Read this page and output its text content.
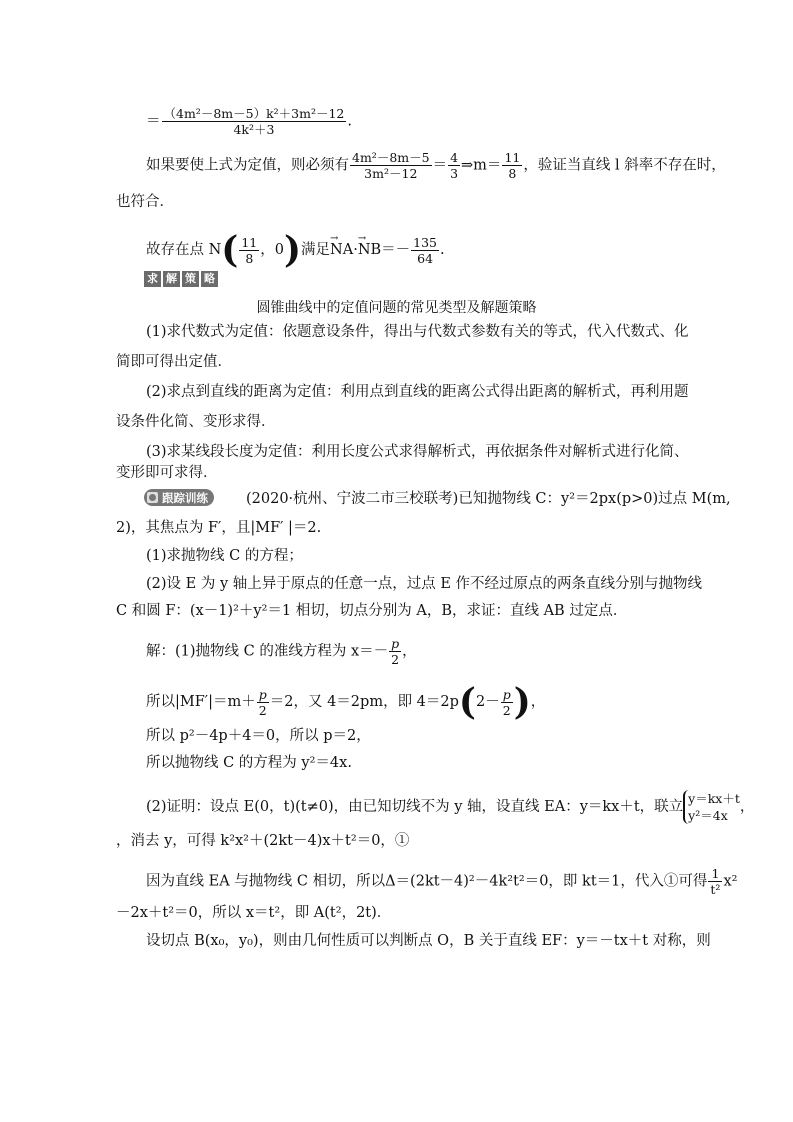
＝ $\frac{\text{（4m²－8m－5）k²＋3m²－12}}{\text{4k²＋3}}$ .
如果要使上式为定值，则必须有 $\frac{\text{4m²－8m－5}}{\text{3m²－12}} = \frac{4}{3}$ ⇒m＝ $\frac{11}{8}$ ，验证当直线 l 斜率不存在时，
也符合．
故存在点 $N( \frac{11}{8}$ ，0)满足→ $NA\cdot\to NB=- \frac{135}{64}$ .
求 解 策 略
圆锥曲线中的定值问题的常见类型及解题策略
(1)求代数式为定值：依题意设条件，得出与代数式参数有关的等式，代入代数式、化
简即可得出定值．
(2)求点到直线的距离为定值：利用点到直线的距离公式得出距离的解析式，再利用题
设条件化简、变形求得．
(3)求某线段长度为定值：利用长度公式求得解析式，再依据条件对解析式进行化简、
变形即可求得．
跟踪训练	(2020·杭州、宁波二市三校联考)已知抛物线 C：y²＝2px(p>0)过点 M(m,
2)，其焦点为 F′，且|MF′ |＝2.
(1)求抛物线 C 的方程；
(2)设 E 为 y 轴上异于原点的任意一点，过点 E 作不经过原点的两条直线分别与抛物线
C 和圆 F：(x－1)²＋y²＝1 相切，切点分别为 A，B，求证：直线 AB 过定点．
解：(1)抛物线 C 的准线方程为 $x=- \frac{p}{2}$ ，
所以$|MF'|=m+ \frac{p}{2} =2$，又 4＝2pm，即 $4=2p(2- \frac{p}{2}$ )，
所以 p²－4p＋4＝0，所以 p＝2，
所以抛物线 C 的方程为 y²＝4x.
(2)证明：设点 E(0，t)(t≠0)，由已知切线不为 y 轴，设直线 EA：y＝kx＋t，联立
y＝kx＋t
y²＝4x
，
，消去 y，可得 k²x²＋(2kt－4)x＋t²＝0，①
因为直线 EA 与抛物线 C 相切，所以Δ＝(2kt－4)²－4k²t²＝0，即 kt＝1，代入①可得 $\frac{1}{\text{t²}} x^2$
－2x＋t²＝0，所以 x＝t²，即 A(t²，2t)．
设切点 B(x₀，y₀)，则由几何性质可以判断点 O，B 关于直线 EF：y＝－tx＋t 对称，则
